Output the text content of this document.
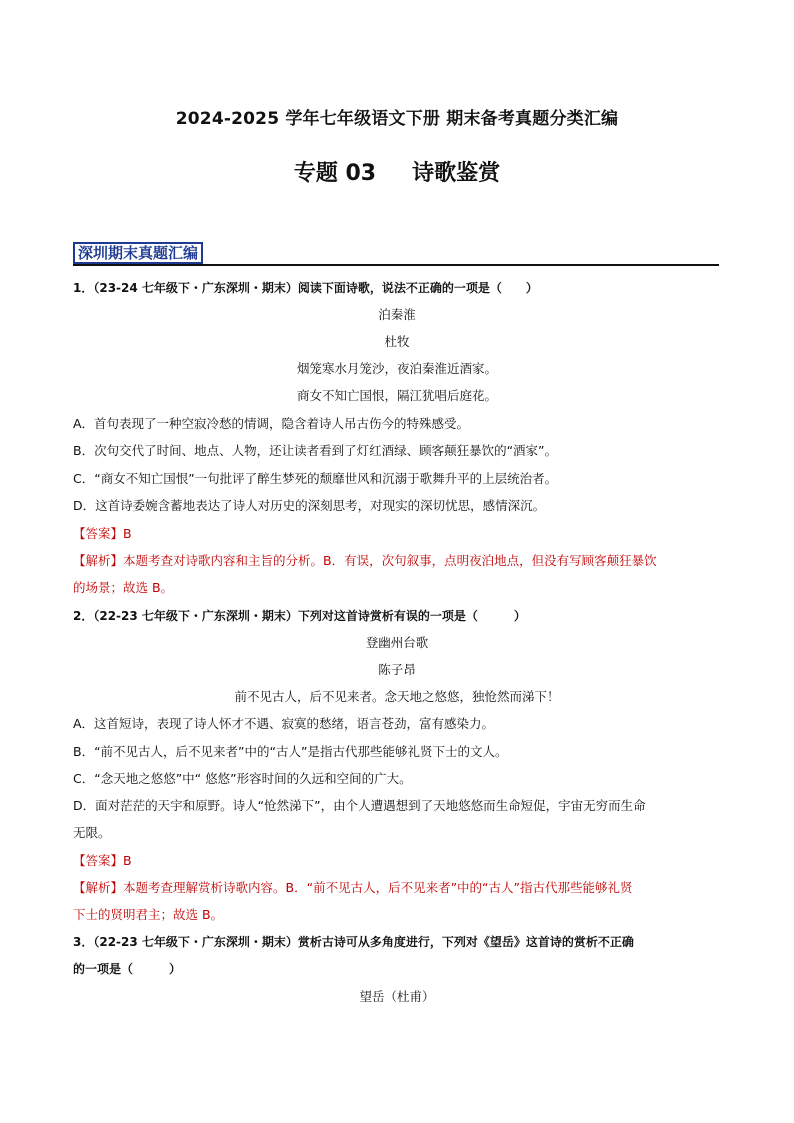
2024-2025 学年七年级语文下册 期末备考真题分类汇编
专题 03 诗歌鉴赏
深圳期末真题汇编
1．（23-24 七年级下・广东深圳・期末）阅读下面诗歌，说法不正确的一项是（　　）
泊秦淮
杜牧
烟笼寒水月笼沙，夜泊秦淮近酒家。
商女不知亡国恨，隔江犹唱后庭花。
A．首句表现了一种空寂冷愁的情调，隐含着诗人吊古伤今的特殊感受。
B．次句交代了时间、地点、人物，还让读者看到了灯红酒绿、顾客颠狂暴饮的“酒家”。
C．“商女不知亡国恨”一句批评了醉生梦死的颓靡世风和沉溺于歌舞升平的上层统治者。
D．这首诗委婉含蓄地表达了诗人对历史的深刻思考，对现实的深切忧思，感情深沉。
【答案】B
【解析】本题考查对诗歌内容和主旨的分析。B．有误，次句叙事，点明夜泊地点，但没有写顾客颠狂暴饮
的场景；故选 B。
2．（22-23 七年级下・广东深圳・期末）下列对这首诗赏析有误的一项是（　　　）
登幽州台歌
陈子昂
前不见古人，后不见来者。念天地之悠悠，独怆然而涕下！
A．这首短诗，表现了诗人怀才不遇、寂寞的愁绪，语言苍劲，富有感染力。
B．“前不见古人，后不见来者”中的“古人”是指古代那些能够礼贤下士的文人。
C．“念天地之悠悠”中“ 悠悠”形容时间的久远和空间的广大。
D．面对茫茫的天宇和原野。诗人“怆然涕下”，由个人遭遇想到了天地悠悠而生命短促，宇宙无穷而生命
无限。
【答案】B
【解析】本题考查理解赏析诗歌内容。B．“前不见古人，后不见来者”中的“古人”指古代那些能够礼贤
下士的贤明君主；故选 B。
3．（22-23 七年级下・广东深圳・期末）赏析古诗可从多角度进行，下列对《望岳》这首诗的赏析不正确
的一项是（　　　）
望岳（杜甫）
